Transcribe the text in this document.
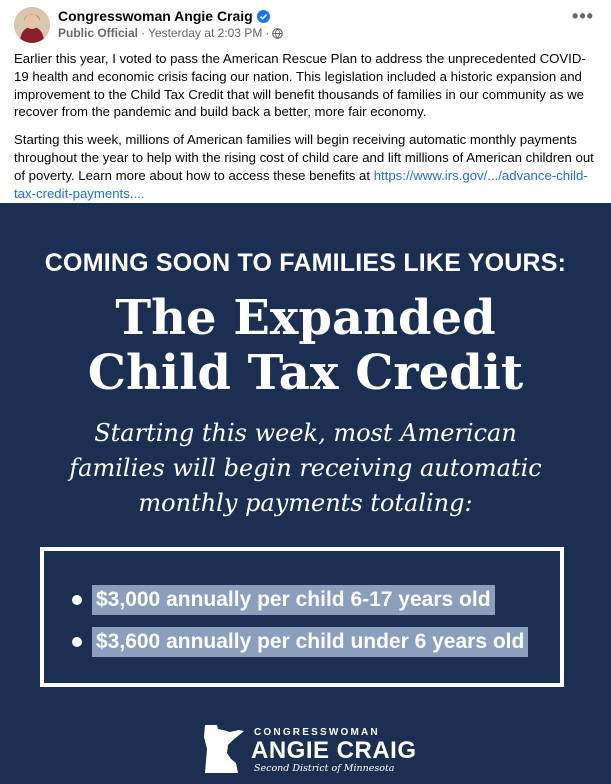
Congresswoman Angie Craig
Public Official · Yesterday at 2:03 PM ·
•••

Earlier this year, I voted to pass the American Rescue Plan to address the unprecedented COVID-19 health and economic crisis facing our nation. This legislation included a historic expansion and improvement to the Child Tax Credit that will benefit thousands of families in our community as we recover from the pandemic and build back a better, more fair economy.

Starting this week, millions of American families will begin receiving automatic monthly payments throughout the year to help with the rising cost of child care and lift millions of American children out of poverty. Learn more about how to access these benefits at https://www.irs.gov/.../advance-child-tax-credit-payments....

COMING SOON TO FAMILIES LIKE YOURS:
The Expanded
Child Tax Credit
Starting this week, most American
families will begin receiving automatic
monthly payments totaling:
$3,000 annually per child 6-17 years old
$3,600 annually per child under 6 years old
CONGRESSWOMAN
ANGIE CRAIG
Second District of Minnesota
